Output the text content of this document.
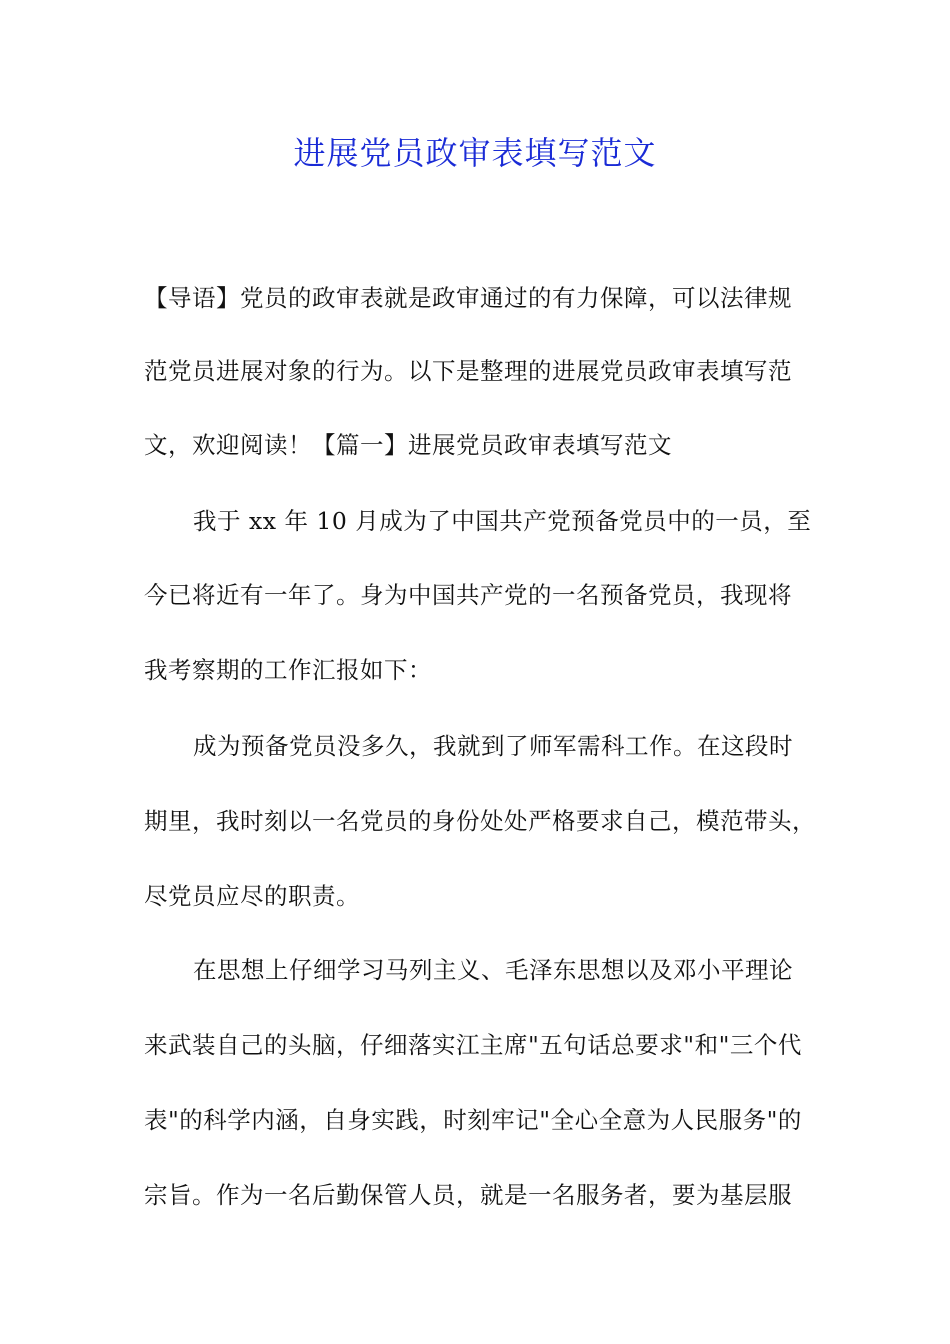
进展党员政审表填写范文
【导语】党员的政审表就是政审通过的有力保障，可以法律规
范党员进展对象的行为。以下是整理的进展党员政审表填写范
文，欢迎阅读！【篇一】进展党员政审表填写范文
我于 xx 年 10 月成为了中国共产党预备党员中的一员，至
今已将近有一年了。身为中国共产党的一名预备党员，我现将
我考察期的工作汇报如下：
成为预备党员没多久，我就到了师军需科工作。在这段时
期里，我时刻以一名党员的身份处处严格要求自己，模范带头，
尽党员应尽的职责。
在思想上仔细学习马列主义、毛泽东思想以及邓小平理论
来武装自己的头脑，仔细落实江主席"五句话总要求"和"三个代
表"的科学内涵，自身实践，时刻牢记"全心全意为人民服务"的
宗旨。作为一名后勤保管人员，就是一名服务者，要为基层服
